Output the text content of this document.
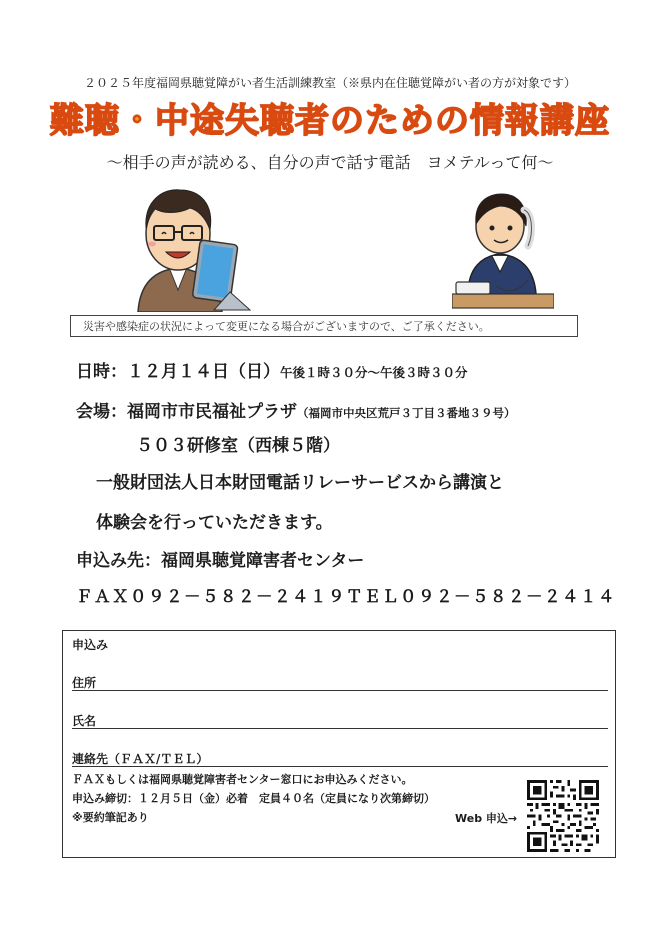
２０２５年度福岡県聴覚障がい者生活訓練教室（※県内在住聴覚障がい者の方が対象です）
難聴・中途失聴者のための情報講座
～相手の声が読める、自分の声で話す電話　ヨメテルって何～
災害や感染症の状況によって変更になる場合がございますので、ご了承ください。
日時：１２月１４日（日）午後１時３０分～午後３時３０分
会場：福岡市市民福祉プラザ（福岡市中央区荒戸３丁目３番地３９号）
５０３研修室（西棟５階）
一般財団法人日本財団電話リレーサービスから講演と
体験会を行っていただきます。
申込み先：福岡県聴覚障害者センター
ＦＡＸ０９２－５８２－２４１９ＴＥＬ０９２－５８２－２４１４
申込み
住所
氏名
連絡先（ＦＡＸ/ＴＥＬ）
ＦＡＸもしくは福岡県聴覚障害者センター窓口にお申込みください。
申込み締切：１２月５日（金）必着　定員４０名（定員になり次第締切）
※要約筆記あり	Web 申込→
